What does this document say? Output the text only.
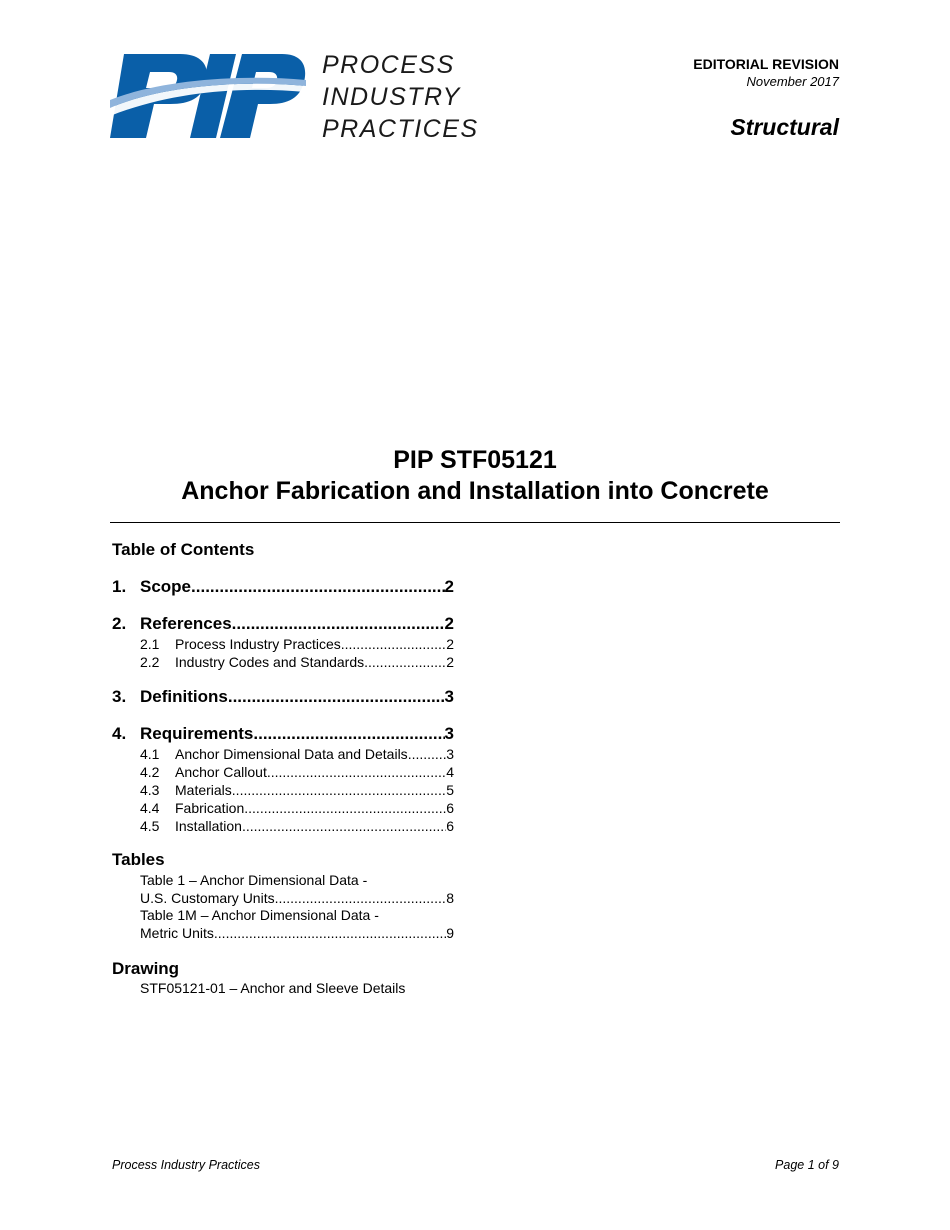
PROCESS
INDUSTRY
PRACTICES
EDITORIAL REVISION
November 2017
Structural
PIP STF05121
Anchor Fabrication and Installation into Concrete
Table of Contents
1. Scope .....	2
2. References .....	2
2.1	Process Industry Practices .....	2
2.2	Industry Codes and Standards .....	2
3. Definitions .....	3
4. Requirements .....	3
4.1	Anchor Dimensional Data and Details .....	3
4.2	Anchor Callout .....	4
4.3	Materials .....	5
4.4	Fabrication .....	6
4.5	Installation .....	6
Tables
Table 1 – Anchor Dimensional Data -
U.S. Customary Units .....	8
Table 1M – Anchor Dimensional Data -
Metric Units .....	9
Drawing
STF05121-01 – Anchor and Sleeve Details
Process Industry Practices	Page 1 of 9
